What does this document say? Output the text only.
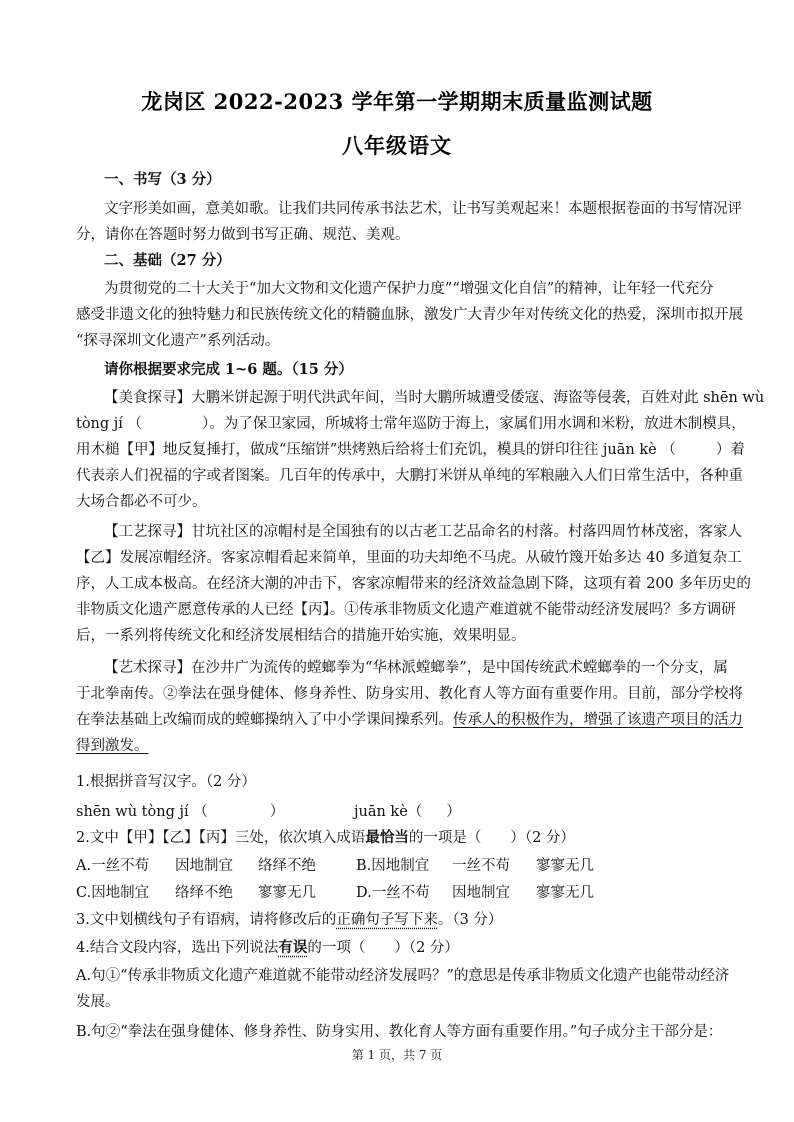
龙岗区 2022-2023 学年第一学期期末质量监测试题
八年级语文
一、书写（3 分）
文字形美如画，意美如歌。让我们共同传承书法艺术，让书写美观起来！本题根据卷面的书写情况评
分，请你在答题时努力做到书写正确、规范、美观。
二、基础（27 分）
为贯彻党的二十大关于“加大文物和文化遗产保护力度”“增强文化自信”的精神，让年轻一代充分
感受非遗文化的独特魅力和民族传统文化的精髓血脉，激发广大青少年对传统文化的热爱，深圳市拟开展
“探寻深圳文化遗产”系列活动。
请你根据要求完成 1~6 题。（15 分）
【美食探寻】大鹏米饼起源于明代洪武年间，当时大鹏所城遭受倭寇、海盗等侵袭，百姓对此 shēn wù
tòng jí （	）。为了保卫家园，所城将士常年巡防于海上，家属们用水调和米粉，放进木制模具，
用木槌【甲】地反复捶打，做成“压缩饼”烘烤熟后给将士们充饥，模具的饼印往往 juān kè （	）着
代表亲人们祝福的字或者图案。几百年的传承中，大鹏打米饼从单纯的军粮融入人们日常生活中，各种重
大场合都必不可少。
【工艺探寻】甘坑社区的凉帽村是全国独有的以古老工艺品命名的村落。村落四周竹林茂密，客家人
【乙】发展凉帽经济。客家凉帽看起来简单，里面的功夫却绝不马虎。从破竹篾开始多达 40 多道复杂工
序，人工成本极高。在经济大潮的冲击下，客家凉帽带来的经济效益急剧下降，这项有着 200 多年历史的
非物质文化遗产愿意传承的人已经【丙】。①传承非物质文化遗产难道就不能带动经济发展吗？多方调研
后，一系列将传统文化和经济发展相结合的措施开始实施，效果明显。
【艺术探寻】在沙井广为流传的螳螂拳为“华林派螳螂拳”，是中国传统武术螳螂拳的一个分支，属
于北拳南传。②拳法在强身健体、修身养性、防身实用、教化育人等方面有重要作用。目前，部分学校将
在拳法基础上改编而成的螳螂操纳入了中小学课间操系列。传承人的积极作为，增强了该遗产项目的活力
得到激发。
1.根据拼音写汉字。（2 分）
shēn wù tòng jí （	）	juān kè（ ）
2.文中【甲】【乙】【丙】三处，依次填入成语最恰当的一项是（　　）（2 分）
A.一丝不苟 因地制宜 络绎不绝	B.因地制宜 一丝不苟 寥寥无几
C.因地制宜 络绎不绝 寥寥无几	D.一丝不苟 因地制宜 寥寥无几
3.文中划横线句子有语病，请将修改后的正确句子写下来。（3 分）
4.结合文段内容，选出下列说法有误的一项（　　）（2 分）
A.句①“传承非物质文化遗产难道就不能带动经济发展吗？”的意思是传承非物质文化遗产也能带动经济
发展。
B.句②“拳法在强身健体、修身养性、防身实用、教化育人等方面有重要作用。”句子成分主干部分是：
第 1 页，共 7 页
